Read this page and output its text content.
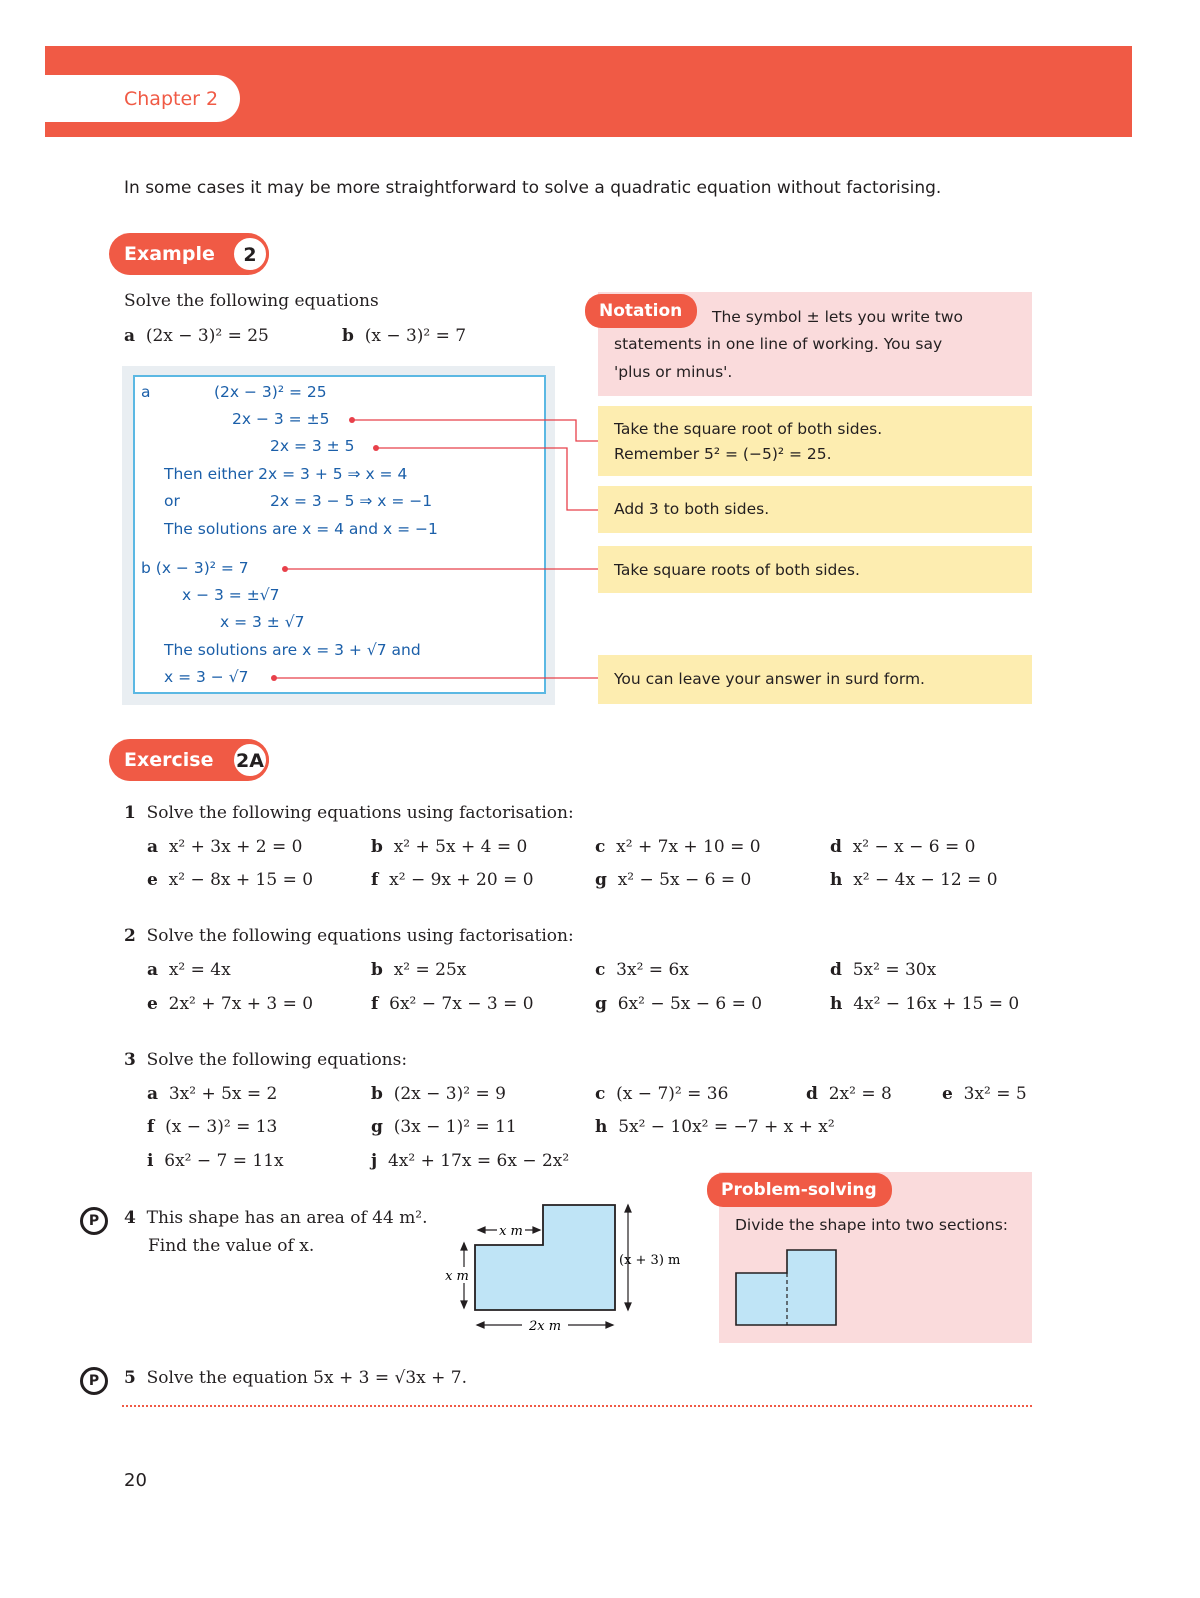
Chapter 2
In some cases it may be more straightforward to solve a quadratic equation without factorising.
Example	2
Solve the following equations
a (2x − 3)² = 25	b (x − 3)² = 7
a	(2x − 3)² = 25
2x − 3 = ±5
2x = 3 ± 5
Then either 2x = 3 + 5 ⇒ x = 4
or	2x = 3 − 5 ⇒ x = −1
The solutions are x = 4 and x = −1
b (x − 3)² = 7
x − 3 = ±√7
x = 3 ± √7
The solutions are x = 3 + √7 and
x = 3 − √7
Notation	The symbol ± lets you write two
statements in one line of working. You say
'plus or minus'.
Take the square root of both sides.
Remember 5² = (−5)² = 25.
Add 3 to both sides.
Take square roots of both sides.
You can leave your answer in surd form.
Exercise	2A
1 Solve the following equations using factorisation:
a x² + 3x + 2 = 0	b x² + 5x + 4 = 0	c x² + 7x + 10 = 0	d x² − x − 6 = 0
e x² − 8x + 15 = 0	f x² − 9x + 20 = 0	g x² − 5x − 6 = 0	h x² − 4x − 12 = 0
2 Solve the following equations using factorisation:
a x² = 4x	b x² = 25x	c 3x² = 6x	d 5x² = 30x
e 2x² + 7x + 3 = 0	f 6x² − 7x − 3 = 0	g 6x² − 5x − 6 = 0	h 4x² − 16x + 15 = 0
3 Solve the following equations:
a 3x² + 5x = 2	b (2x − 3)² = 9	c (x − 7)² = 36	d 2x² = 8	e 3x² = 5
f (x − 3)² = 13	g (3x − 1)² = 11	h 5x² − 10x² = −7 + x + x²
i 6x² − 7 = 11x	j 4x² + 17x = 6x − 2x²
P	4 This shape has an area of 44 m².
Find the value of x.
x m
x m
(x + 3) m
2x m
Problem-solving
Divide the shape into two sections:
P	5 Solve the equation 5x + 3 = √3x + 7.
20
